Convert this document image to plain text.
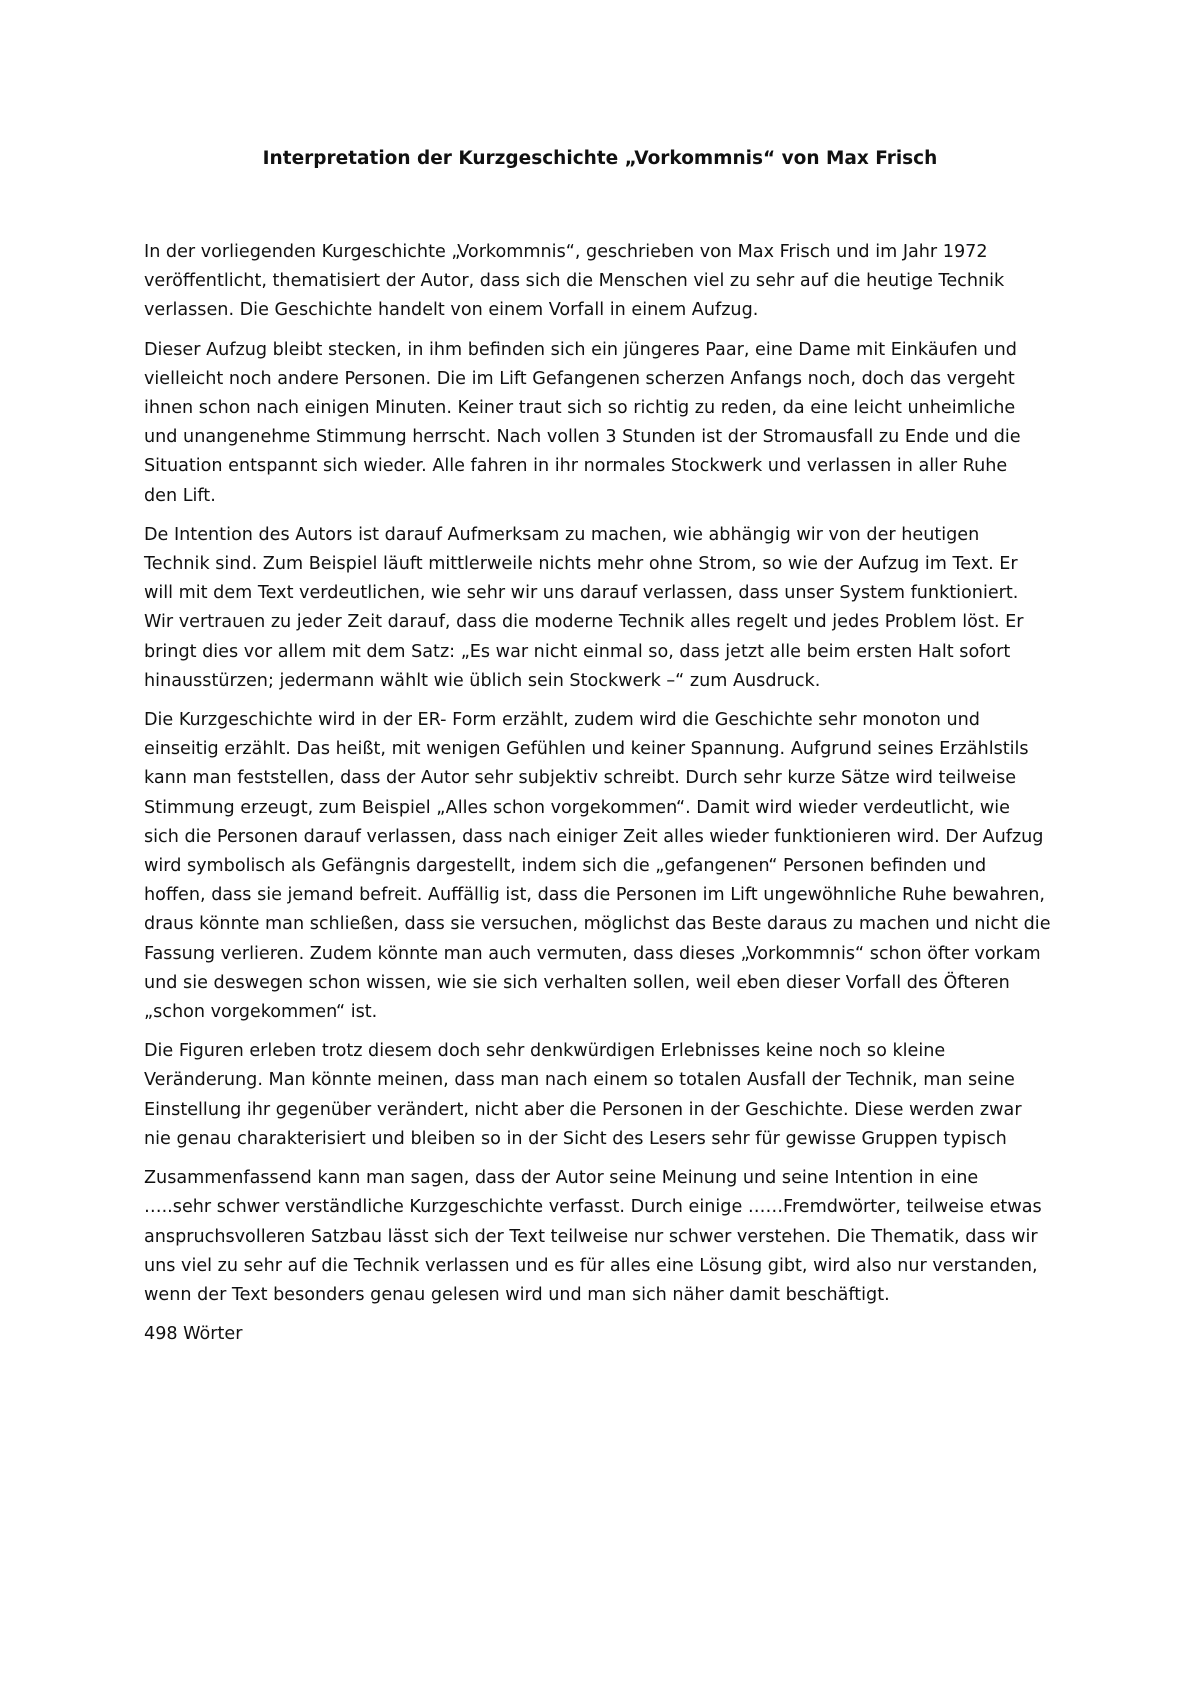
Interpretation der Kurzgeschichte „Vorkommnis“ von Max Frisch

In der vorliegenden Kurgeschichte „Vorkommnis“, geschrieben von Max Frisch und im Jahr 1972
veröffentlicht, thematisiert der Autor, dass sich die Menschen viel zu sehr auf die heutige Technik
verlassen. Die Geschichte handelt von einem Vorfall in einem Aufzug.

Dieser Aufzug bleibt stecken, in ihm befinden sich ein jüngeres Paar, eine Dame mit Einkäufen und
vielleicht noch andere Personen. Die im Lift Gefangenen scherzen Anfangs noch, doch das vergeht
ihnen schon nach einigen Minuten. Keiner traut sich so richtig zu reden, da eine leicht unheimliche
und unangenehme Stimmung herrscht. Nach vollen 3 Stunden ist der Stromausfall zu Ende und die
Situation entspannt sich wieder. Alle fahren in ihr normales Stockwerk und verlassen in aller Ruhe
den Lift.

De Intention des Autors ist darauf Aufmerksam zu machen, wie abhängig wir von der heutigen
Technik sind. Zum Beispiel läuft mittlerweile nichts mehr ohne Strom, so wie der Aufzug im Text. Er
will mit dem Text verdeutlichen, wie sehr wir uns darauf verlassen, dass unser System funktioniert.
Wir vertrauen zu jeder Zeit darauf, dass die moderne Technik alles regelt und jedes Problem löst. Er
bringt dies vor allem mit dem Satz: „Es war nicht einmal so, dass jetzt alle beim ersten Halt sofort
hinausstürzen; jedermann wählt wie üblich sein Stockwerk –“ zum Ausdruck.

Die Kurzgeschichte wird in der ER- Form erzählt, zudem wird die Geschichte sehr monoton und
einseitig erzählt. Das heißt, mit wenigen Gefühlen und keiner Spannung. Aufgrund seines Erzählstils
kann man feststellen, dass der Autor sehr subjektiv schreibt. Durch sehr kurze Sätze wird teilweise
Stimmung erzeugt, zum Beispiel „Alles schon vorgekommen“. Damit wird wieder verdeutlicht, wie
sich die Personen darauf verlassen, dass nach einiger Zeit alles wieder funktionieren wird. Der Aufzug
wird symbolisch als Gefängnis dargestellt, indem sich die „gefangenen“ Personen befinden und
hoffen, dass sie jemand befreit. Auffällig ist, dass die Personen im Lift ungewöhnliche Ruhe bewahren,
draus könnte man schließen, dass sie versuchen, möglichst das Beste daraus zu machen und nicht die
Fassung verlieren. Zudem könnte man auch vermuten, dass dieses „Vorkommnis“ schon öfter vorkam
und sie deswegen schon wissen, wie sie sich verhalten sollen, weil eben dieser Vorfall des Öfteren
„schon vorgekommen“ ist.

Die Figuren erleben trotz diesem doch sehr denkwürdigen Erlebnisses keine noch so kleine
Veränderung. Man könnte meinen, dass man nach einem so totalen Ausfall der Technik, man seine
Einstellung ihr gegenüber verändert, nicht aber die Personen in der Geschichte. Diese werden zwar
nie genau charakterisiert und bleiben so in der Sicht des Lesers sehr für gewisse Gruppen typisch

Zusammenfassend kann man sagen, dass der Autor seine Meinung und seine Intention in eine
…..sehr schwer verständliche Kurzgeschichte verfasst. Durch einige ……Fremdwörter, teilweise etwas
anspruchsvolleren Satzbau lässt sich der Text teilweise nur schwer verstehen. Die Thematik, dass wir
uns viel zu sehr auf die Technik verlassen und es für alles eine Lösung gibt, wird also nur verstanden,
wenn der Text besonders genau gelesen wird und man sich näher damit beschäftigt.

498 Wörter
